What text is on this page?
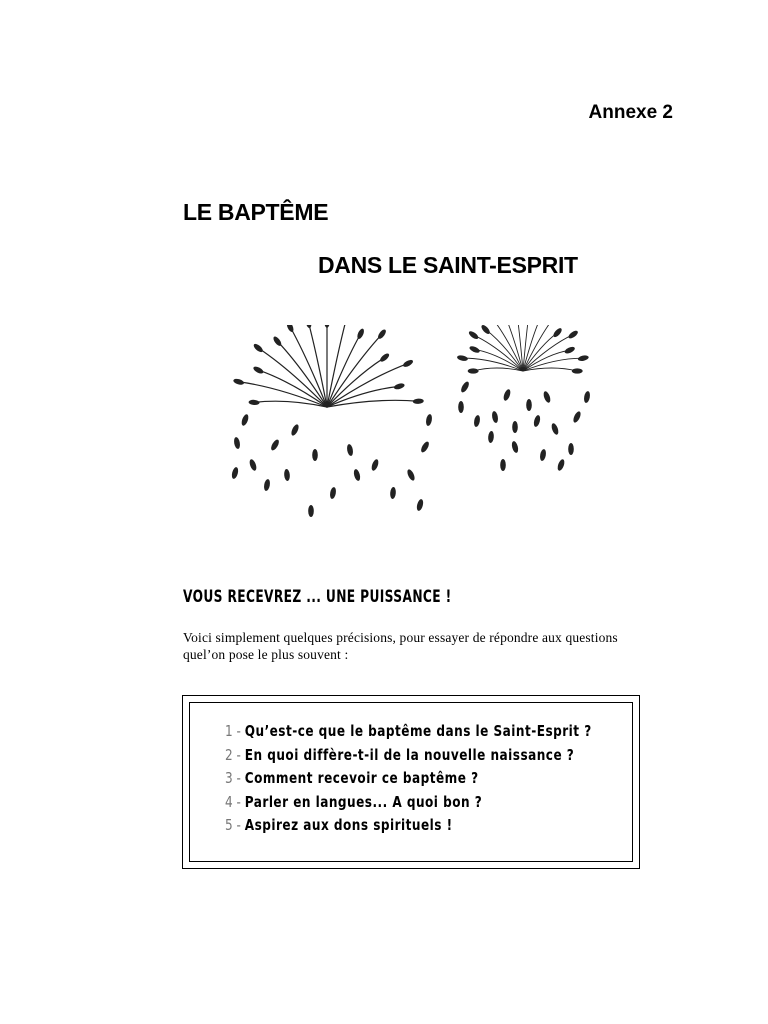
Annexe 2
LE BAPTÊME
DANS LE SAINT-ESPRIT
VOUS RECEVREZ ... UNE PUISSANCE !
Voici simplement quelques précisions, pour essayer de répondre aux questions quel’on pose le plus souvent :
1 - Qu’est-ce que le baptême dans le Saint-Esprit ?
2 - En quoi diffère-t-il de la nouvelle naissance ?
3 - Comment recevoir ce baptême ?
4 - Parler en langues... A quoi bon ?
5 - Aspirez aux dons spirituels !
